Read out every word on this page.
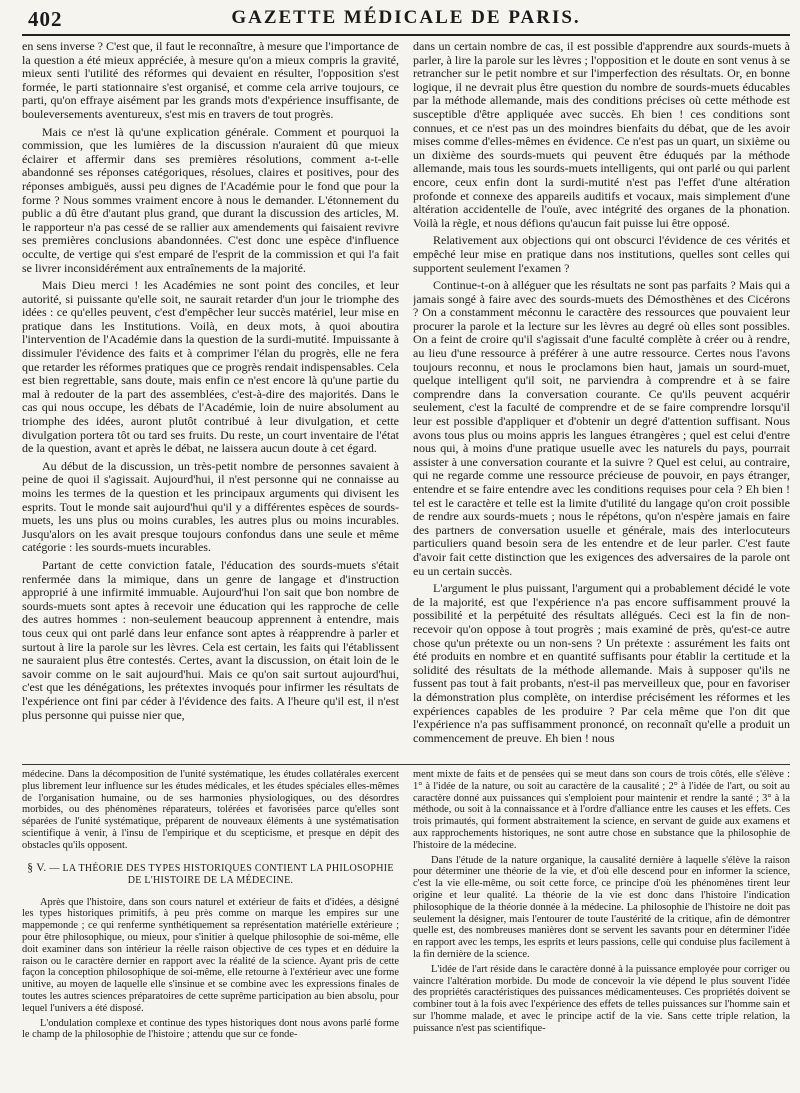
402	GAZETTE MÉDICALE DE PARIS.

en sens inverse ? C'est que, il faut le reconnaître, à mesure que l'importance de la question a été mieux appréciée, à mesure qu'on a mieux compris la gravité, mieux senti l'utilité des réformes qui devaient en résulter, l'opposition s'est formée, le parti stationnaire s'est organisé, et comme cela arrive toujours, ce parti, qu'on effraye aisément par les grands mots d'expérience insuffisante, de bouleversements aventureux, s'est mis en travers de tout progrès.

Mais ce n'est là qu'une explication générale. Comment et pourquoi la commission, que les lumières de la discussion n'auraient dû que mieux éclairer et affermir dans ses premières résolutions, comment a-t-elle abandonné ses réponses catégoriques, résolues, claires et positives, pour des réponses ambiguës, aussi peu dignes de l'Académie pour le fond que pour la forme ? Nous sommes vraiment encore à nous le demander. L'étonnement du public a dû être d'autant plus grand, que durant la discussion des articles, M. le rapporteur n'a pas cessé de se rallier aux amendements qui faisaient revivre ses premières conclusions abandonnées. C'est donc une espèce d'influence occulte, de vertige qui s'est emparé de l'esprit de la commission et qui l'a fait se livrer inconsidérément aux entraînements de la majorité.

Mais Dieu merci ! les Académies ne sont point des conciles, et leur autorité, si puissante qu'elle soit, ne saurait retarder d'un jour le triomphe des idées : ce qu'elles peuvent, c'est d'empêcher leur succès matériel, leur mise en pratique dans les Institutions. Voilà, en deux mots, à quoi aboutira l'intervention de l'Académie dans la question de la surdi-mutité. Impuissante à dissimuler l'évidence des faits et à comprimer l'élan du progrès, elle ne fera que retarder les réformes pratiques que ce progrès rendait indispensables. Cela est bien regrettable, sans doute, mais enfin ce n'est encore là qu'une partie du mal à redouter de la part des assemblées, c'est-à-dire des majorités. Dans le cas qui nous occupe, les débats de l'Académie, loin de nuire absolument au triomphe des idées, auront plutôt contribué à leur divulgation, et cette divulgation portera tôt ou tard ses fruits. Du reste, un court inventaire de l'état de la question, avant et après le débat, ne laissera aucun doute à cet égard.

Au début de la discussion, un très-petit nombre de personnes savaient à peine de quoi il s'agissait. Aujourd'hui, il n'est personne qui ne connaisse au moins les termes de la question et les principaux arguments qui divisent les esprits. Tout le monde sait aujourd'hui qu'il y a différentes espèces de sourds-muets, les uns plus ou moins curables, les autres plus ou moins incurables. Jusqu'alors on les avait presque toujours confondus dans une seule et même catégorie : les sourds-muets incurables.

Partant de cette conviction fatale, l'éducation des sourds-muets s'était renfermée dans la mimique, dans un genre de langage et d'instruction approprié à une infirmité immuable. Aujourd'hui l'on sait que bon nombre de sourds-muets sont aptes à recevoir une éducation qui les rapproche de celle des autres hommes : non-seulement beaucoup apprennent à entendre, mais tous ceux qui ont parlé dans leur enfance sont aptes à réapprendre à parler et surtout à lire la parole sur les lèvres. Cela est certain, les faits qui l'établissent ne sauraient plus être contestés. Certes, avant la discussion, on était loin de le savoir comme on le sait aujourd'hui. Mais ce qu'on sait surtout aujourd'hui, c'est que les dénégations, les prétextes invoqués pour infirmer les résultats de l'expérience ont fini par céder à l'évidence des faits. A l'heure qu'il est, il n'est plus personne qui puisse nier que,

dans un certain nombre de cas, il est possible d'apprendre aux sourds-muets à parler, à lire la parole sur les lèvres ; l'opposition et le doute en sont venus à se retrancher sur le petit nombre et sur l'imperfection des résultats. Or, en bonne logique, il ne devrait plus être question du nombre de sourds-muets éducables par la méthode allemande, mais des conditions précises où cette méthode est susceptible d'être appliquée avec succès. Eh bien ! ces conditions sont connues, et ce n'est pas un des moindres bienfaits du débat, que de les avoir mises comme d'elles-mêmes en évidence. Ce n'est pas un quart, un sixième ou un dixième des sourds-muets qui peuvent être éduqués par la méthode allemande, mais tous les sourds-muets intelligents, qui ont parlé ou qui parlent encore, ceux enfin dont la surdi-mutité n'est pas l'effet d'une altération profonde et connexe des appareils auditifs et vocaux, mais simplement d'une altération accidentelle de l'ouïe, avec intégrité des organes de la phonation. Voilà la règle, et nous défions qu'aucun fait puisse lui être opposé.

Relativement aux objections qui ont obscurci l'évidence de ces vérités et empêché leur mise en pratique dans nos institutions, quelles sont celles qui supportent seulement l'examen ?

Continue-t-on à alléguer que les résultats ne sont pas parfaits ? Mais qui a jamais songé à faire avec des sourds-muets des Démosthènes et des Cicérons ? On a constamment méconnu le caractère des ressources que pouvaient leur procurer la parole et la lecture sur les lèvres au degré où elles sont possibles. On a feint de croire qu'il s'agissait d'une faculté complète à créer ou à rendre, au lieu d'une ressource à préférer à une autre ressource. Certes nous l'avons toujours reconnu, et nous le proclamons bien haut, jamais un sourd-muet, quelque intelligent qu'il soit, ne parviendra à comprendre et à se faire comprendre dans la conversation courante. Ce qu'ils peuvent acquérir seulement, c'est la faculté de comprendre et de se faire comprendre lorsqu'il leur est possible d'appliquer et d'obtenir un degré d'attention suffisant. Nous avons tous plus ou moins appris les langues étrangères ; quel est celui d'entre nous qui, à moins d'une pratique usuelle avec les naturels du pays, pourrait assister à une conversation courante et la suivre ? Quel est celui, au contraire, qui ne regarde comme une ressource précieuse de pouvoir, en pays étranger, entendre et se faire entendre avec les conditions requises pour cela ? Eh bien ! tel est le caractère et telle est la limite d'utilité du langage qu'on croit possible de rendre aux sourds-muets ; nous le répétons, qu'on n'espère jamais en faire des partners de conversation usuelle et générale, mais des interlocuteurs particuliers quand besoin sera de les entendre et de leur parler. C'est faute d'avoir fait cette distinction que les exigences des adversaires de la parole ont eu un certain succès.

L'argument le plus puissant, l'argument qui a probablement décidé le vote de la majorité, est que l'expérience n'a pas encore suffisamment prouvé la possibilité et la perpétuité des résultats allégués. Ceci est la fin de non-recevoir qu'on oppose à tout progrès ; mais examiné de près, qu'est-ce autre chose qu'un prétexte ou un non-sens ? Un prétexte : assurément les faits ont été produits en nombre et en quantité suffisants pour établir la certitude et la solidité des résultats de la méthode allemande. Mais à supposer qu'ils ne fussent pas tout à fait probants, n'est-il pas merveilleux que, pour en favoriser la démonstration plus complète, on interdise précisément les réformes et les expériences capables de les produire ? Par cela même que l'on dit que l'expérience n'a pas suffisamment prononcé, on reconnaît qu'elle a produit un commencement de preuve. Eh bien ! nous

médecine. Dans la décomposition de l'unité systématique, les études collatérales exercent plus librement leur influence sur les études médicales, et les études spéciales elles-mêmes de l'organisation humaine, ou de ses harmonies physiologiques, ou des désordres morbides, ou des phénomènes réparateurs, tolérées et favorisées parce qu'elles sont séparées de l'unité systématique, préparent de nouveaux éléments à une systématisation scientifique à venir, à l'insu de l'empirique et du scepticisme, et presque en dépit des obstacles qu'ils opposent.

§ V. — LA THÉORIE DES TYPES HISTORIQUES CONTIENT LA PHILOSOPHIE DE L'HISTOIRE DE LA MÉDECINE.

Après que l'histoire, dans son cours naturel et extérieur de faits et d'idées, a désigné les types historiques primitifs, à peu près comme on marque les empires sur une mappemonde ; ce qui renferme synthétiquement sa représentation matérielle extérieure ; pour être philosophique, ou mieux, pour s'initier à quelque philosophie de soi-même, elle doit examiner dans son intérieur la réelle raison objective de ces types et en déduire la raison ou le caractère dernier en rapport avec la réalité de la science. Ayant pris de cette façon la conception philosophique de soi-même, elle retourne à l'extérieur avec une forme unitive, au moyen de laquelle elle s'insinue et se combine avec les expressions finales de toutes les autres sciences préparatoires de cette suprême participation au bien absolu, pour lequel l'univers a été disposé.

L'ondulation complexe et continue des types historiques dont nous avons parlé forme le champ de la philosophie de l'histoire ; attendu que sur ce fonde-

ment mixte de faits et de pensées qui se meut dans son cours de trois côtés, elle s'élève : 1° à l'idée de la nature, ou soit au caractère de la causalité ; 2° à l'idée de l'art, ou soit au caractère donné aux puissances qui s'emploient pour maintenir et rendre la santé ; 3° à la méthode, ou soit à la connaissance et à l'ordre d'alliance entre les causes et les effets. Ces trois primautés, qui forment abstraitement la science, en servant de guide aux examens et aux rapprochements historiques, ne sont autre chose en substance que la philosophie de l'histoire de la médecine.

Dans l'étude de la nature organique, la causalité dernière à laquelle s'élève la raison pour déterminer une théorie de la vie, et d'où elle descend pour en informer la science, c'est la vie elle-même, ou soit cette force, ce principe d'où les phénomènes tirent leur origine et leur qualité. La théorie de la vie est donc dans l'histoire l'indication philosophique de la théorie donnée à la médecine. La philosophie de l'histoire ne doit pas seulement la désigner, mais l'entourer de toute l'austérité de la critique, afin de démontrer quelle est, des nombreuses manières dont se servent les savants pour en déterminer l'idée en rapport avec les temps, les esprits et leurs passions, celle qui conduise plus facilement à la fin dernière de la science.

L'idée de l'art réside dans le caractère donné à la puissance employée pour corriger ou vaincre l'altération morbide. Du mode de concevoir la vie dépend le plus souvent l'idée des propriétés caractéristiques des puissances médicamenteuses. Ces propriétés doivent se combiner tout à la fois avec l'expérience des effets de telles puissances sur l'homme sain et sur l'homme malade, et avec le principe actif de la vie. Sans cette triple relation, la puissance n'est pas scientifique-
